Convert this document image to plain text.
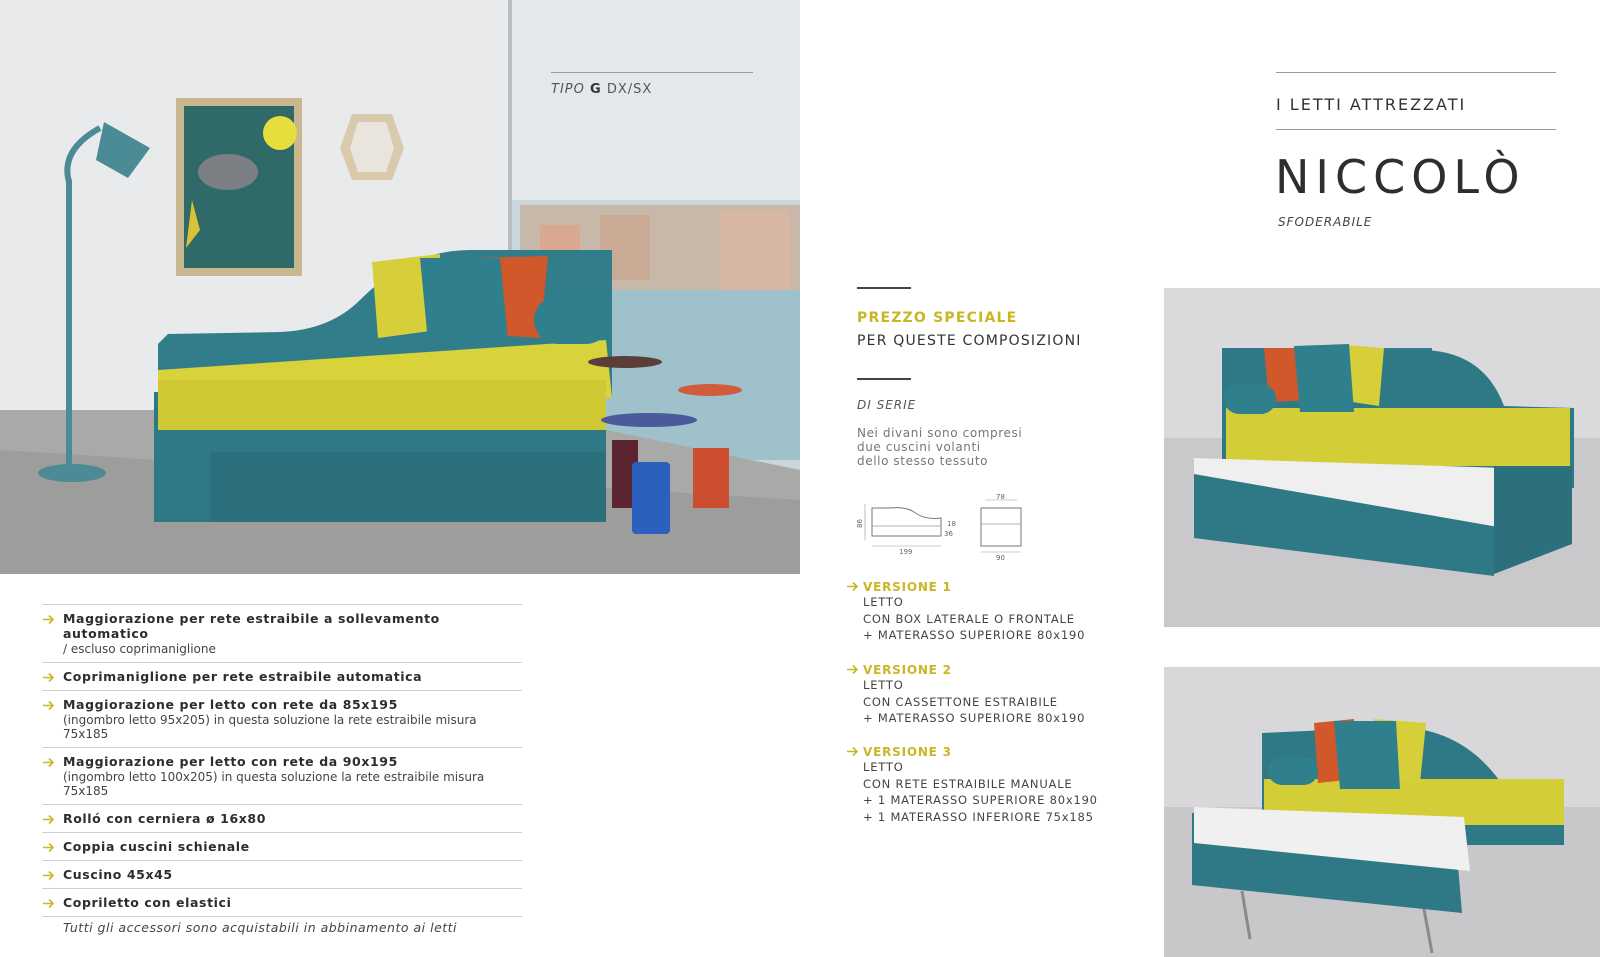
TIPO G DX/SX
Maggiorazione per rete estraibile a sollevamento automatico
/ escluso coprimaniglione
Coprimaniglione per rete estraibile automatica
Maggiorazione per letto con rete da 85x195
(ingombro letto 95x205) in questa soluzione la rete estraibile misura 75x185
Maggiorazione per letto con rete da 90x195
(ingombro letto 100x205) in questa soluzione la rete estraibile misura 75x185
Rolló con cerniera ø 16x80
Coppia cuscini schienale
Cuscino 45x45
Copriletto con elastici
Tutti gli accessori sono acquistabili in abbinamento ai letti
I LETTI ATTREZZATI
NICCOLÒ
SFODERABILE
PREZZO SPECIALE
PER QUESTE COMPOSIZIONI
DI SERIE
Nei divani sono compresi
due cuscini volanti
dello stesso tessuto
86
199
18
36
78
90
VERSIONE 1
LETTO
CON BOX LATERALE O FRONTALE
+ MATERASSO SUPERIORE 80x190
VERSIONE 2
LETTO
CON CASSETTONE ESTRAIBILE
+ MATERASSO SUPERIORE 80x190
VERSIONE 3
LETTO
CON RETE ESTRAIBILE MANUALE
+ 1 MATERASSO SUPERIORE 80x190
+ 1 MATERASSO INFERIORE 75x185
